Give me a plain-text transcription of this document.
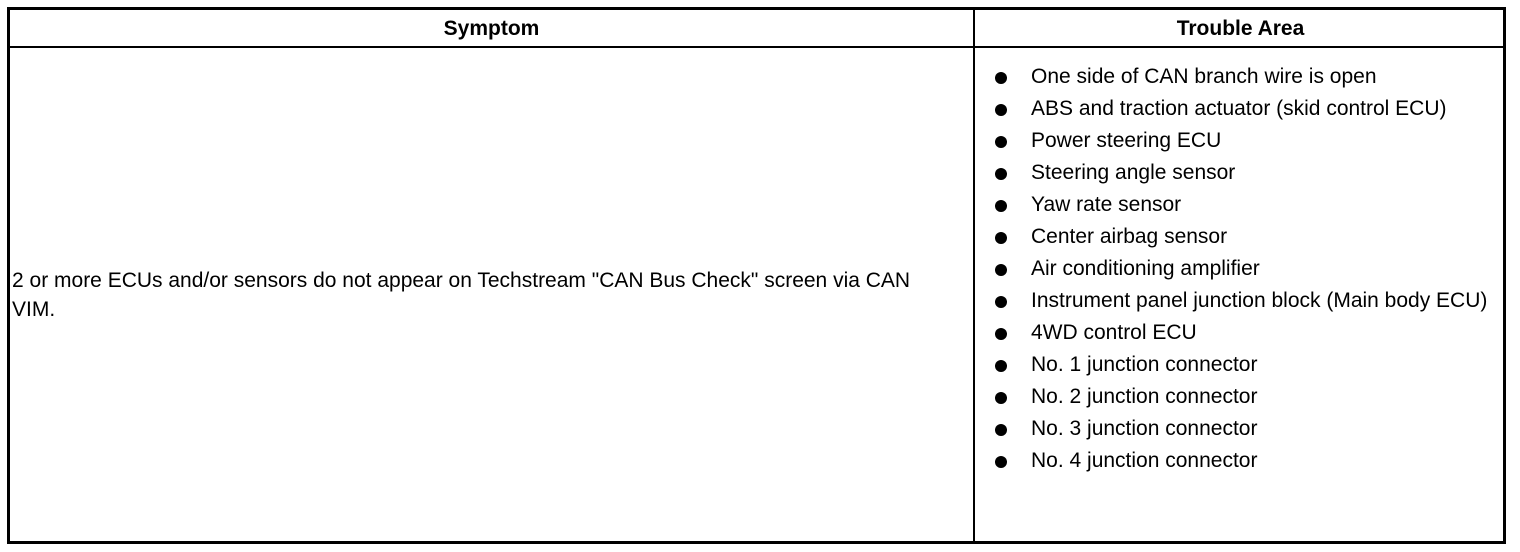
Symptom	Trouble Area
2 or more ECUs and/or sensors do not appear on Techstream "CAN Bus Check" screen via CAN VIM.
One side of CAN branch wire is open
ABS and traction actuator (skid control ECU)
Power steering ECU
Steering angle sensor
Yaw rate sensor
Center airbag sensor
Air conditioning amplifier
Instrument panel junction block (Main body ECU)
4WD control ECU
No. 1 junction connector
No. 2 junction connector
No. 3 junction connector
No. 4 junction connector
